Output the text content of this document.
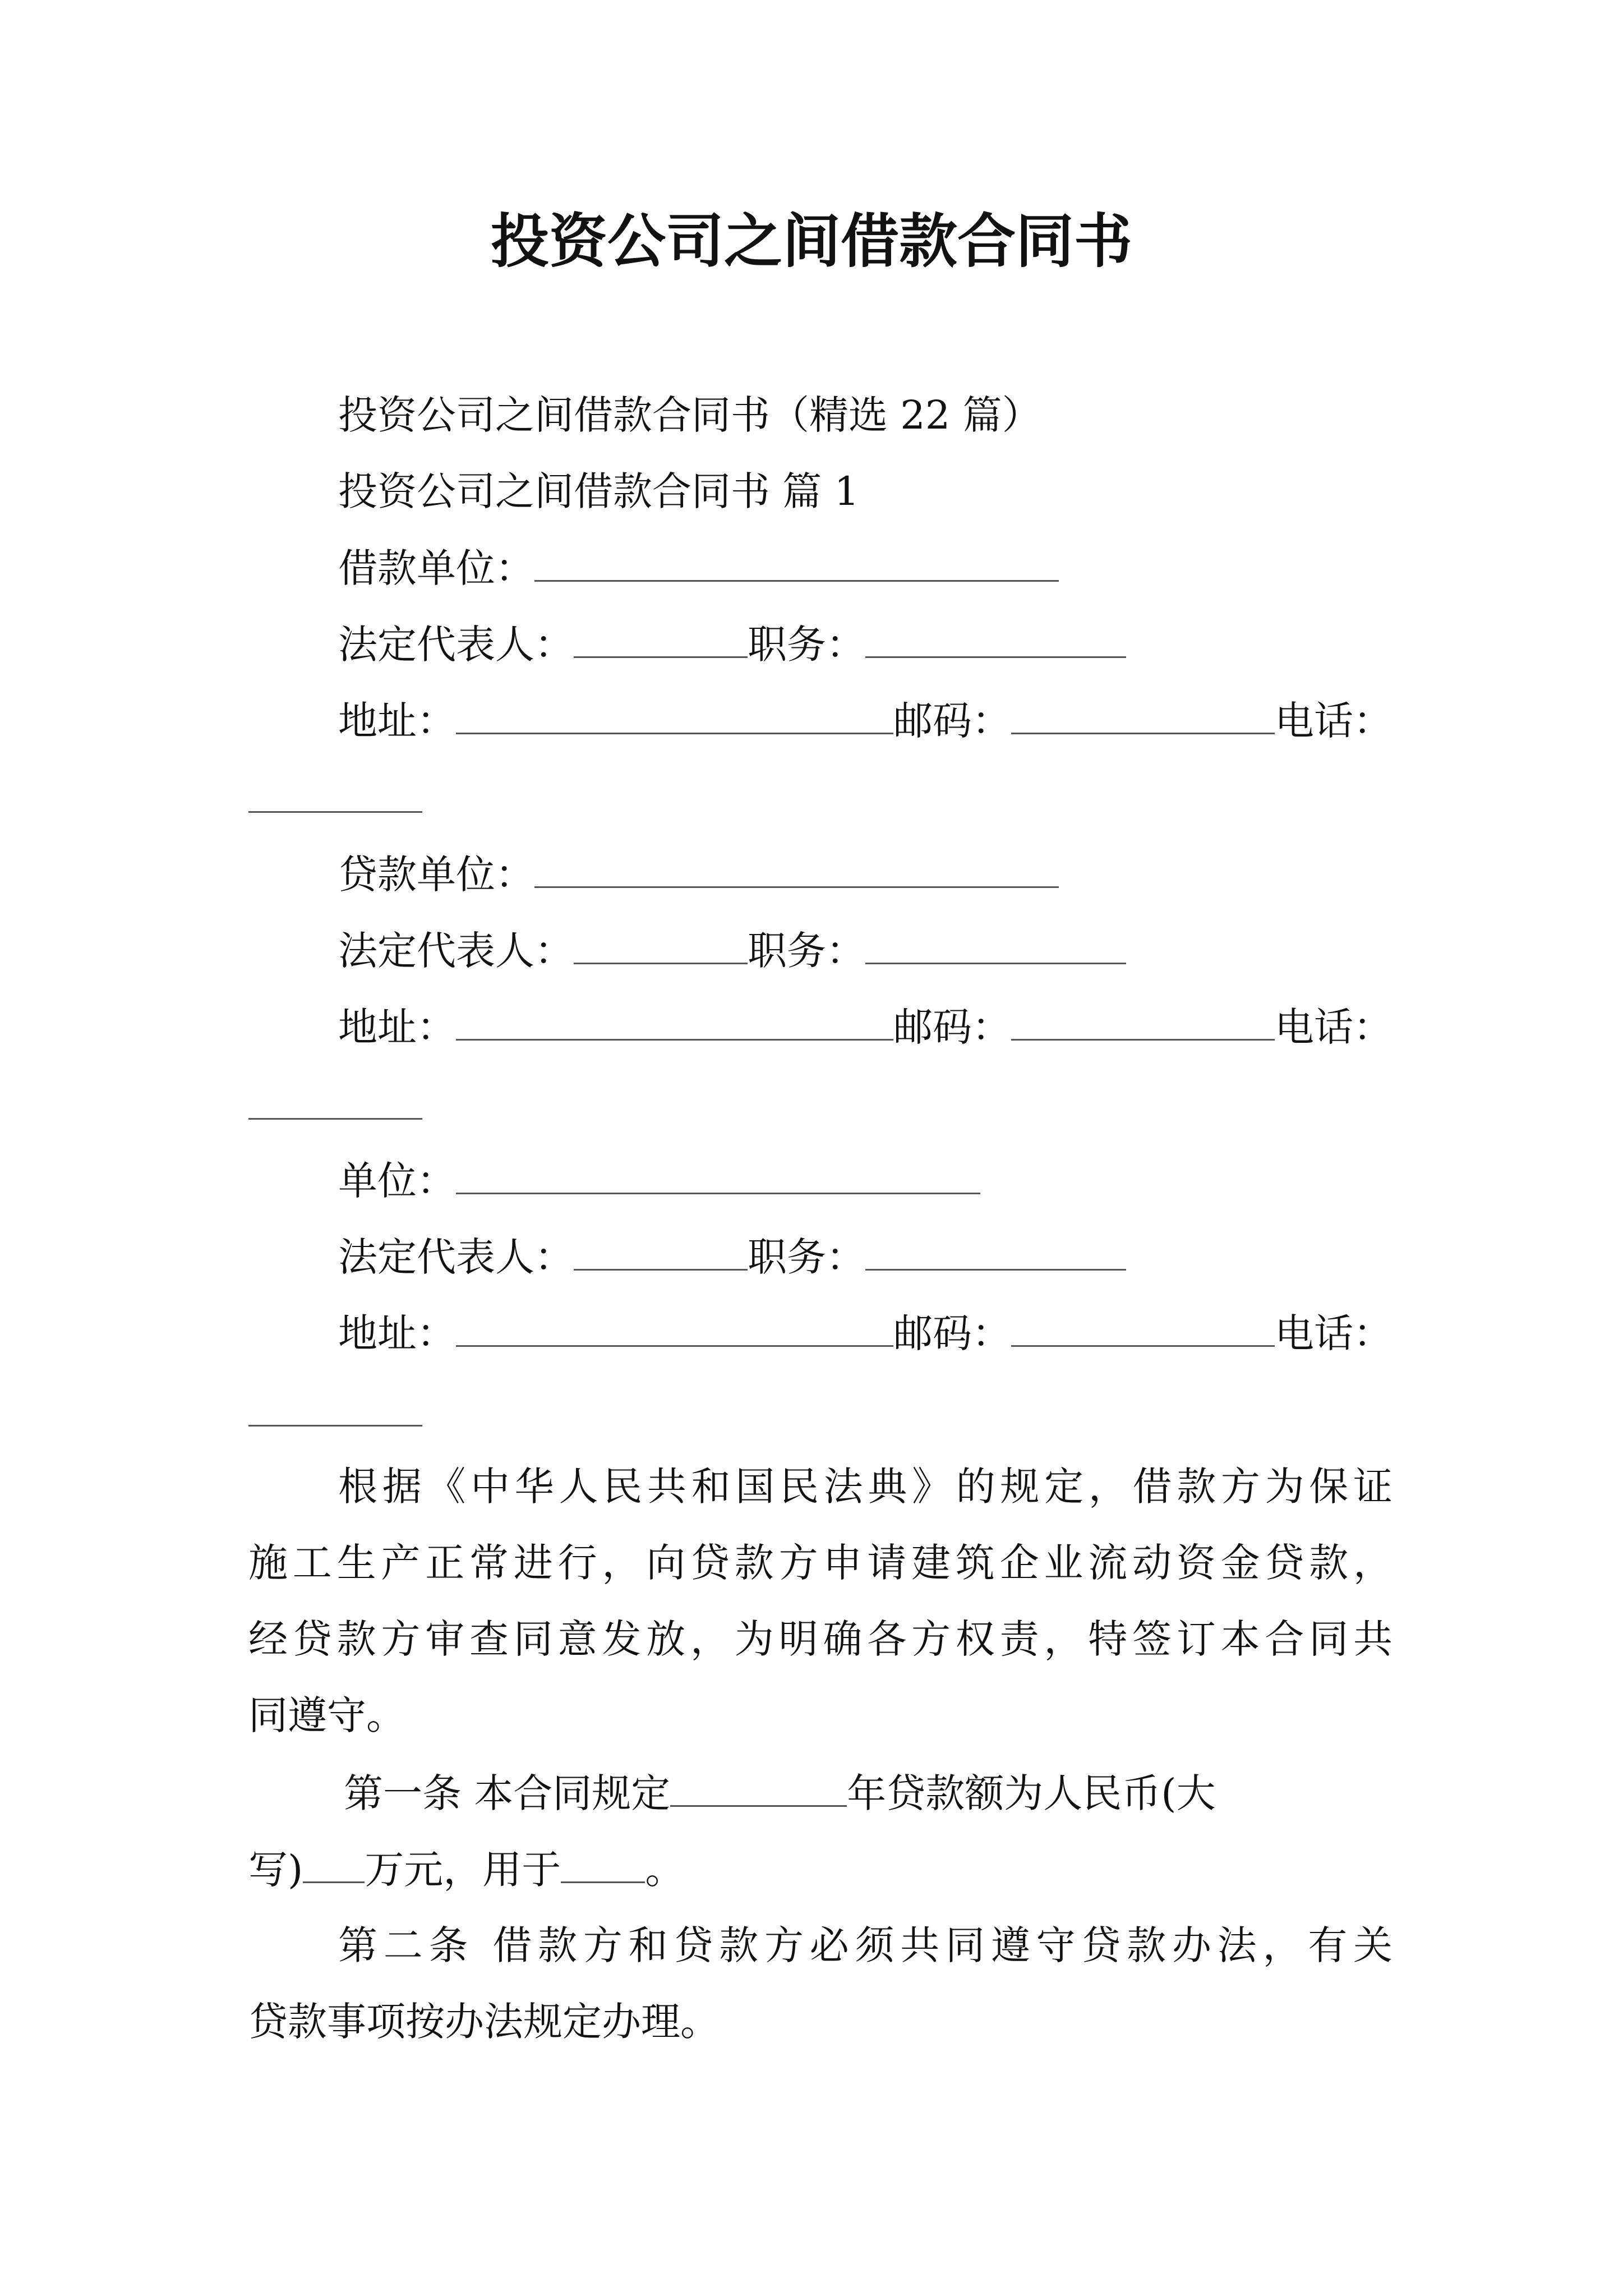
投资公司之间借款合同书
投资公司之间借款合同书（精选 22 篇）
投资公司之间借款合同书 篇 1
借款单位：
法定代表人：	职务：
地址：	邮码：	电话：
贷款单位：
法定代表人：	职务：
地址：	邮码：	电话：
单位：
法定代表人：	职务：
地址：	邮码：	电话：
根据《中华人民共和国民法典》的规定，借款方为保证
施工生产正常进行，向贷款方申请建筑企业流动资金贷款，
经贷款方审查同意发放，为明确各方权责，特签订本合同共
同遵守。
第一条 本合同规定	年贷款额为人民币(大
写) 万元，用于 。
第二条 借款方和贷款方必须共同遵守贷款办法，有关
贷款事项按办法规定办理。
